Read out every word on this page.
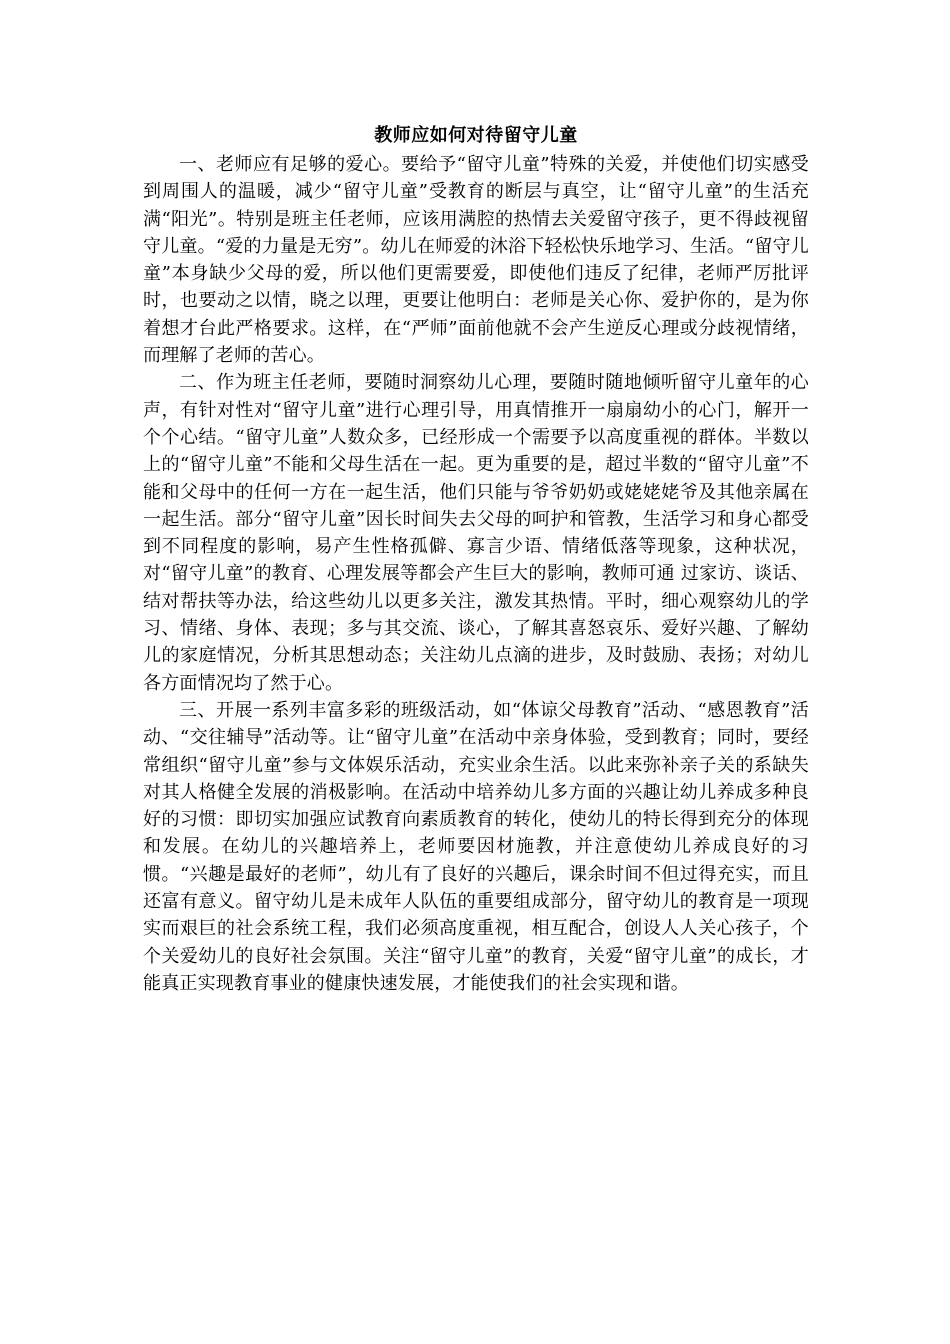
教师应如何对待留守儿童

一、老师应有足够的爱心。要给予“留守儿童”特殊的关爱，并使他们切实感受到周围人的温暖，减少“留守儿童”受教育的断层与真空，让“留守儿童”的生活充满“阳光”。特别是班主任老师，应该用满腔的热情去关爱留守孩子，更不得歧视留守儿童。“爱的力量是无穷”。幼儿在师爱的沐浴下轻松快乐地学习、生活。“留守儿童”本身缺少父母的爱，所以他们更需要爱，即使他们违反了纪律，老师严厉批评时，也要动之以情，晓之以理，更要让他明白：老师是关心你、爱护你的，是为你着想才台此严格要求。这样，在“严师”面前他就不会产生逆反心理或分歧视情绪，而理解了老师的苦心。

二、作为班主任老师，要随时洞察幼儿心理，要随时随地倾听留守儿童年的心声，有针对性对“留守儿童”进行心理引导，用真情推开一扇扇幼小的心门，解开一个个心结。“留守儿童”人数众多，已经形成一个需要予以高度重视的群体。半数以上的“留守儿童”不能和父母生活在一起。更为重要的是，超过半数的“留守儿童”不能和父母中的任何一方在一起生活，他们只能与爷爷奶奶或姥姥姥爷及其他亲属在一起生活。部分“留守儿童”因长时间失去父母的呵护和管教，生活学习和身心都受到不同程度的影响，易产生性格孤僻、寡言少语、情绪低落等现象，这种状况，对“留守儿童”的教育、心理发展等都会产生巨大的影响，教师可通 过家访、谈话、结对帮扶等办法，给这些幼儿以更多关注，激发其热情。平时，细心观察幼儿的学习、情绪、身体、表现；多与其交流、谈心，了解其喜怒哀乐、爱好兴趣、了解幼儿的家庭情况，分析其思想动态；关注幼儿点滴的进步，及时鼓励、表扬；对幼儿各方面情况均了然于心。

三、开展一系列丰富多彩的班级活动，如“体谅父母教育”活动、“感恩教育”活动、“交往辅导”活动等。让“留守儿童”在活动中亲身体验，受到教育；同时，要经常组织“留守儿童”参与文体娱乐活动，充实业余生活。以此来弥补亲子关的系缺失对其人格健全发展的消极影响。在活动中培养幼儿多方面的兴趣让幼儿养成多种良好的习惯：即切实加强应试教育向素质教育的转化，使幼儿的特长得到充分的体现和发展。在幼儿的兴趣培养上，老师要因材施教，并注意使幼儿养成良好的习惯。“兴趣是最好的老师”，幼儿有了良好的兴趣后，课余时间不但过得充实，而且还富有意义。留守幼儿是未成年人队伍的重要组成部分，留守幼儿的教育是一项现实而艰巨的社会系统工程，我们必须高度重视，相互配合，创设人人关心孩子，个个关爱幼儿的良好社会氛围。关注“留守儿童”的教育，关爱“留守儿童”的成长，才能真正实现教育事业的健康快速发展，才能使我们的社会实现和谐。
